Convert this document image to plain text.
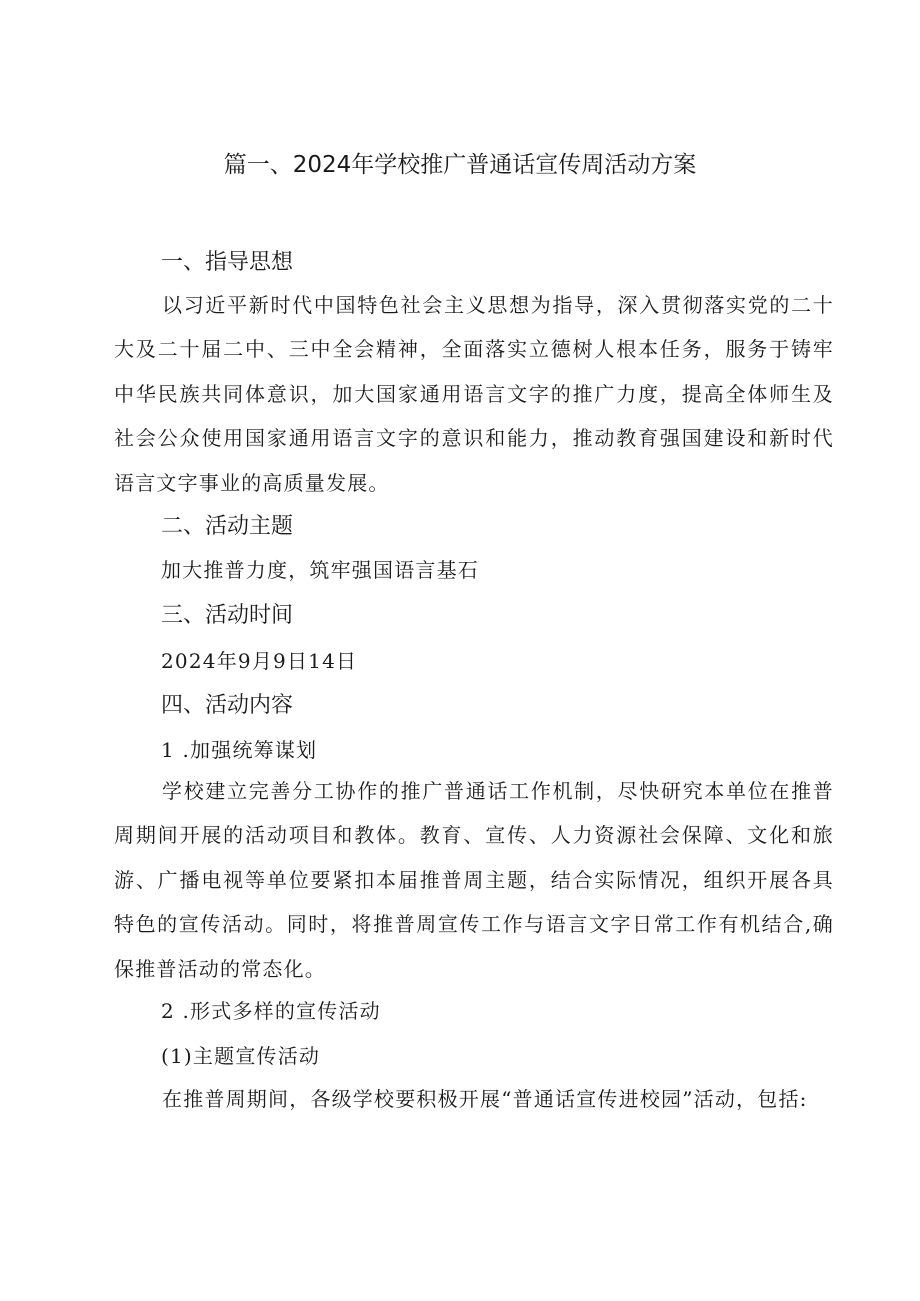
篇一、2024年学校推广普通话宣传周活动方案
一、指导思想

以习近平新时代中国特色社会主义思想为指导，深入贯彻落实党的二十大及二十届二中、三中全会精神，全面落实立德树人根本任务，服务于铸牢中华民族共同体意识，加大国家通用语言文字的推广力度，提高全体师生及社会公众使用国家通用语言文字的意识和能力，推动教育强国建设和新时代语言文字事业的高质量发展。

二、活动主题

加大推普力度，筑牢强国语言基石

三、活动时间

2024年9月9日14日

四、活动内容

1 .加强统筹谋划

学校建立完善分工协作的推广普通话工作机制，尽快研究本单位在推普周期间开展的活动项目和教体。教育、宣传、人力资源社会保障、文化和旅游、广播电视等单位要紧扣本届推普周主题，结合实际情况，组织开展各具特色的宣传活动。同时，将推普周宣传工作与语言文字日常工作有机结合,确保推普活动的常态化。

2 .形式多样的宣传活动

(1)主题宣传活动

在推普周期间，各级学校要积极开展“普通话宣传进校园”活动，包括:
